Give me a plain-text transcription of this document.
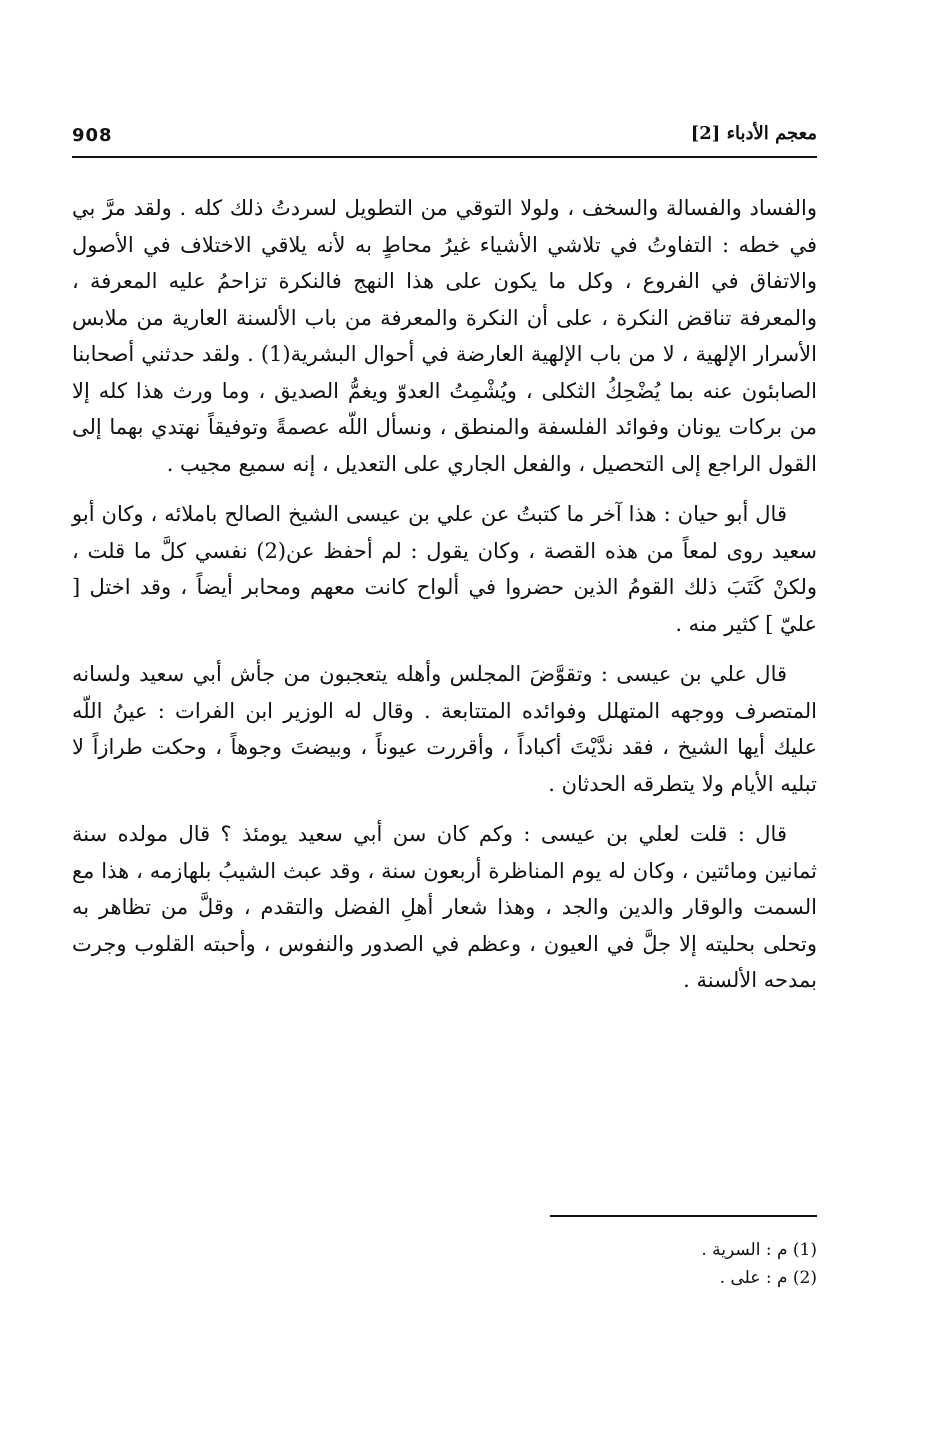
908	معجم الأدباء [2]

والفساد والفسالة والسخف ، ولولا التوقي من التطويل لسردتُ ذلك كله . ولقد مرَّ بي في خطه : التفاوتُ في تلاشي الأشياء غيرُ محاطٍ به لأنه يلاقي الاختلاف في الأصول والاتفاق في الفروع ، وكل ما يكون على هذا النهج فالنكرة تزاحمُ عليه المعرفة ، والمعرفة تناقض النكرة ، على أن النكرة والمعرفة من باب الألسنة العارية من ملابس الأسرار الإلهية ، لا من باب الإلهية العارضة في أحوال البشرية(1) . ولقد حدثني أصحابنا الصابئون عنه بما يُضْحِكُ الثكلى ، ويُشْمِتُ العدوّ ويغمُّ الصديق ، وما ورث هذا كله إلا من بركات يونان وفوائد الفلسفة والمنطق ، ونسأل اللّه عصمةً وتوفيقاً نهتدي بهما إلى القول الراجع إلى التحصيل ، والفعل الجاري على التعديل ، إنه سميع مجيب .

قال أبو حيان : هذا آخر ما كتبتُ عن علي بن عيسى الشيخ الصالح باملائه ، وكان أبو سعيد روى لمعاً من هذه القصة ، وكان يقول : لم أحفظ عن(2) نفسي كلَّ ما قلت ، ولكنْ كَتَبَ ذلك القومُ الذين حضروا في ألواح كانت معهم ومحابر أيضاً ، وقد اختل [ عليّ ] كثير منه .

قال علي بن عيسى : وتقوَّضَ المجلس وأهله يتعجبون من جأش أبي سعيد ولسانه المتصرف ووجهه المتهلل وفوائده المتتابعة . وقال له الوزير ابن الفرات : عينُ اللّه عليك أيها الشيخ ، فقد ندَّيْتَ أكباداً ، وأقررت عيوناً ، وبيضتَ وجوهاً ، وحكت طرازاً لا تبليه الأيام ولا يتطرقه الحدثان .

قال : قلت لعلي بن عيسى : وكم كان سن أبي سعيد يومئذ ؟ قال مولده سنة ثمانين ومائتين ، وكان له يوم المناظرة أربعون سنة ، وقد عبث الشيبُ بلهازمه ، هذا مع السمت والوقار والدين والجد ، وهذا شعار أهلِ الفضل والتقدم ، وقلَّ من تظاهر به وتحلى بحليته إلا جلَّ في العيون ، وعظم في الصدور والنفوس ، وأحبته القلوب وجرت بمدحه الألسنة .

(1) م : السرية .

(2) م : على .
